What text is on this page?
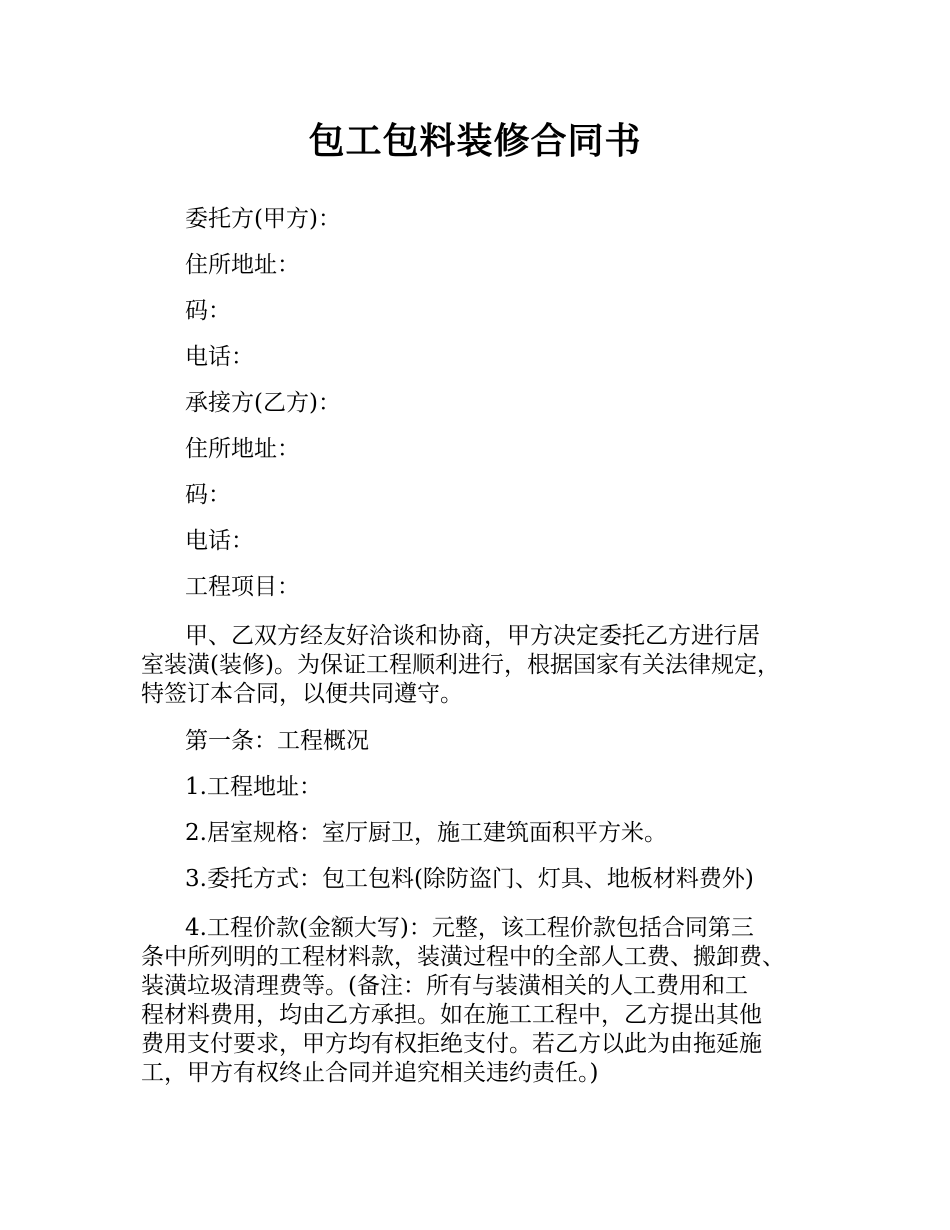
包工包料装修合同书
委托方(甲方)：
住所地址：
码：
电话：
承接方(乙方)：
住所地址：
码：
电话：
工程项目：
甲、乙双方经友好洽谈和协商，甲方决定委托乙方进行居
室装潢(装修)。为保证工程顺利进行，根据国家有关法律规定，
特签订本合同，以便共同遵守。
第一条：工程概况
1.工程地址：
2.居室规格：室厅厨卫，施工建筑面积平方米。
3.委托方式：包工包料(除防盗门、灯具、地板材料费外)
4.工程价款(金额大写)：元整，该工程价款包括合同第三
条中所列明的工程材料款，装潢过程中的全部人工费、搬卸费、
装潢垃圾清理费等。(备注：所有与装潢相关的人工费用和工
程材料费用，均由乙方承担。如在施工工程中，乙方提出其他
费用支付要求，甲方均有权拒绝支付。若乙方以此为由拖延施
工，甲方有权终止合同并追究相关违约责任。)
